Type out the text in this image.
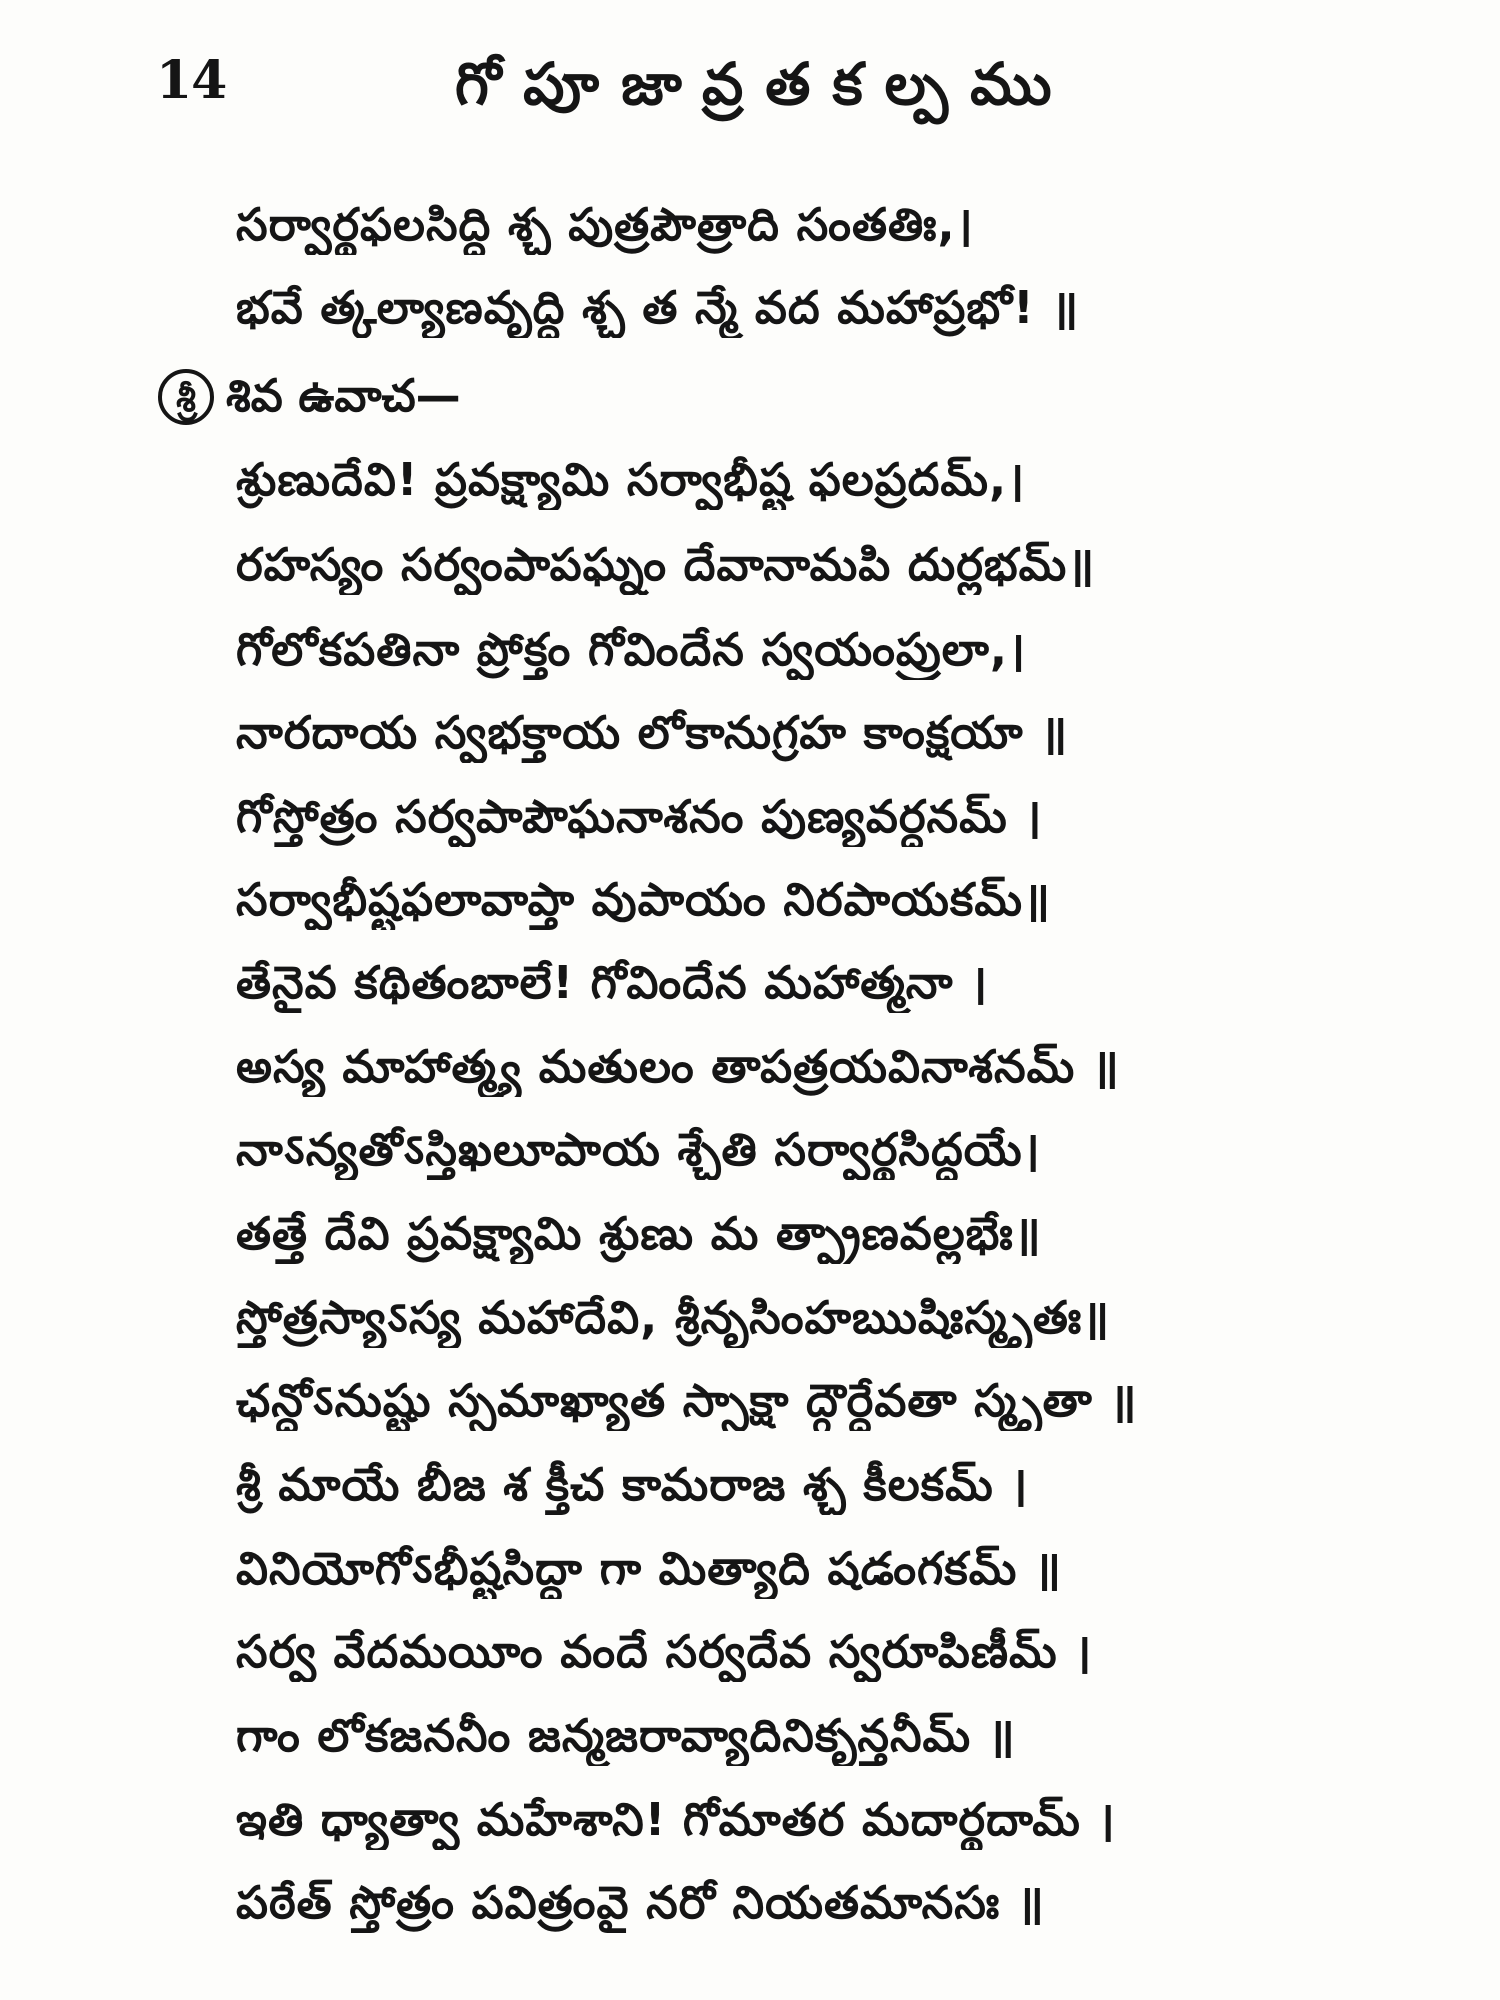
14	గోపూజావ్రతకల్పము
సర్వార్థఫలసిద్ధి శ్చ పుత్రపౌత్రాది సంతతిః,।
భవే త్కల్యాణవృద్ధి శ్చ త న్మే వద మహాప్రభో! ॥
శ్రీ శివ ఉవాచ—
శ్రుణుదేవి! ప్రవక్ష్యామి సర్వాభీష్ట ఫలప్రదమ్,।
రహస్యం సర్వంపాపఘ్నం దేవానామపి దుర్లభమ్॥
గోలోకపతినా ప్రోక్తం గోవిందేన స్వయంప్రులా,।
నారదాయ స్వభక్తాయ లోకానుగ్రహ కాంక్షయా ॥
గోస్తోత్రం సర్వపాపౌఘనాశనం పుణ్యవర్ధనమ్ ।
సర్వాభీష్టఫలావాప్తా వుపాయం నిరపాయకమ్॥
తేనైవ కథితంబాలే! గోవిందేన మహాత్మనా ।
అస్య మాహాత్మ్య మతులం తాపత్రయవినాశనమ్ ॥
నాऽన్యతోऽస్తిఖలూపాయ శ్చేతి సర్వార్థసిద్ధయే।
తత్తే దేవి ప్రవక్ష్యామి శ్రుణు మ త్ప్రాణవల్లభేః॥
స్తోత్రస్యాऽస్య మహాదేవి, శ్రీనృసింహఋషిఃస్మృతః॥
ఛన్దోऽనుష్టు స్సమాఖ్యాత స్సాక్షా ద్గౌర్దేవతా స్మృతా ॥
శ్రీ మాయే బీజ శ క్తీచ కామరాజ శ్చ కీలకమ్ ।
వినియోగోऽభీష్టసిద్ధా గా మిత్యాది షడంగకమ్ ॥
సర్వ వేదమయీం వందే సర్వదేవ స్వరూపిణీమ్ ।
గాం లోకజననీం జన్మజరావ్యాదినికృన్తనీమ్ ॥
ఇతి ధ్యాత్వా మహేశాని! గోమాతర మదార్థదామ్ ।
పఠేత్ స్తోత్రం పవిత్రంవై నరో నియతమానసః ॥
